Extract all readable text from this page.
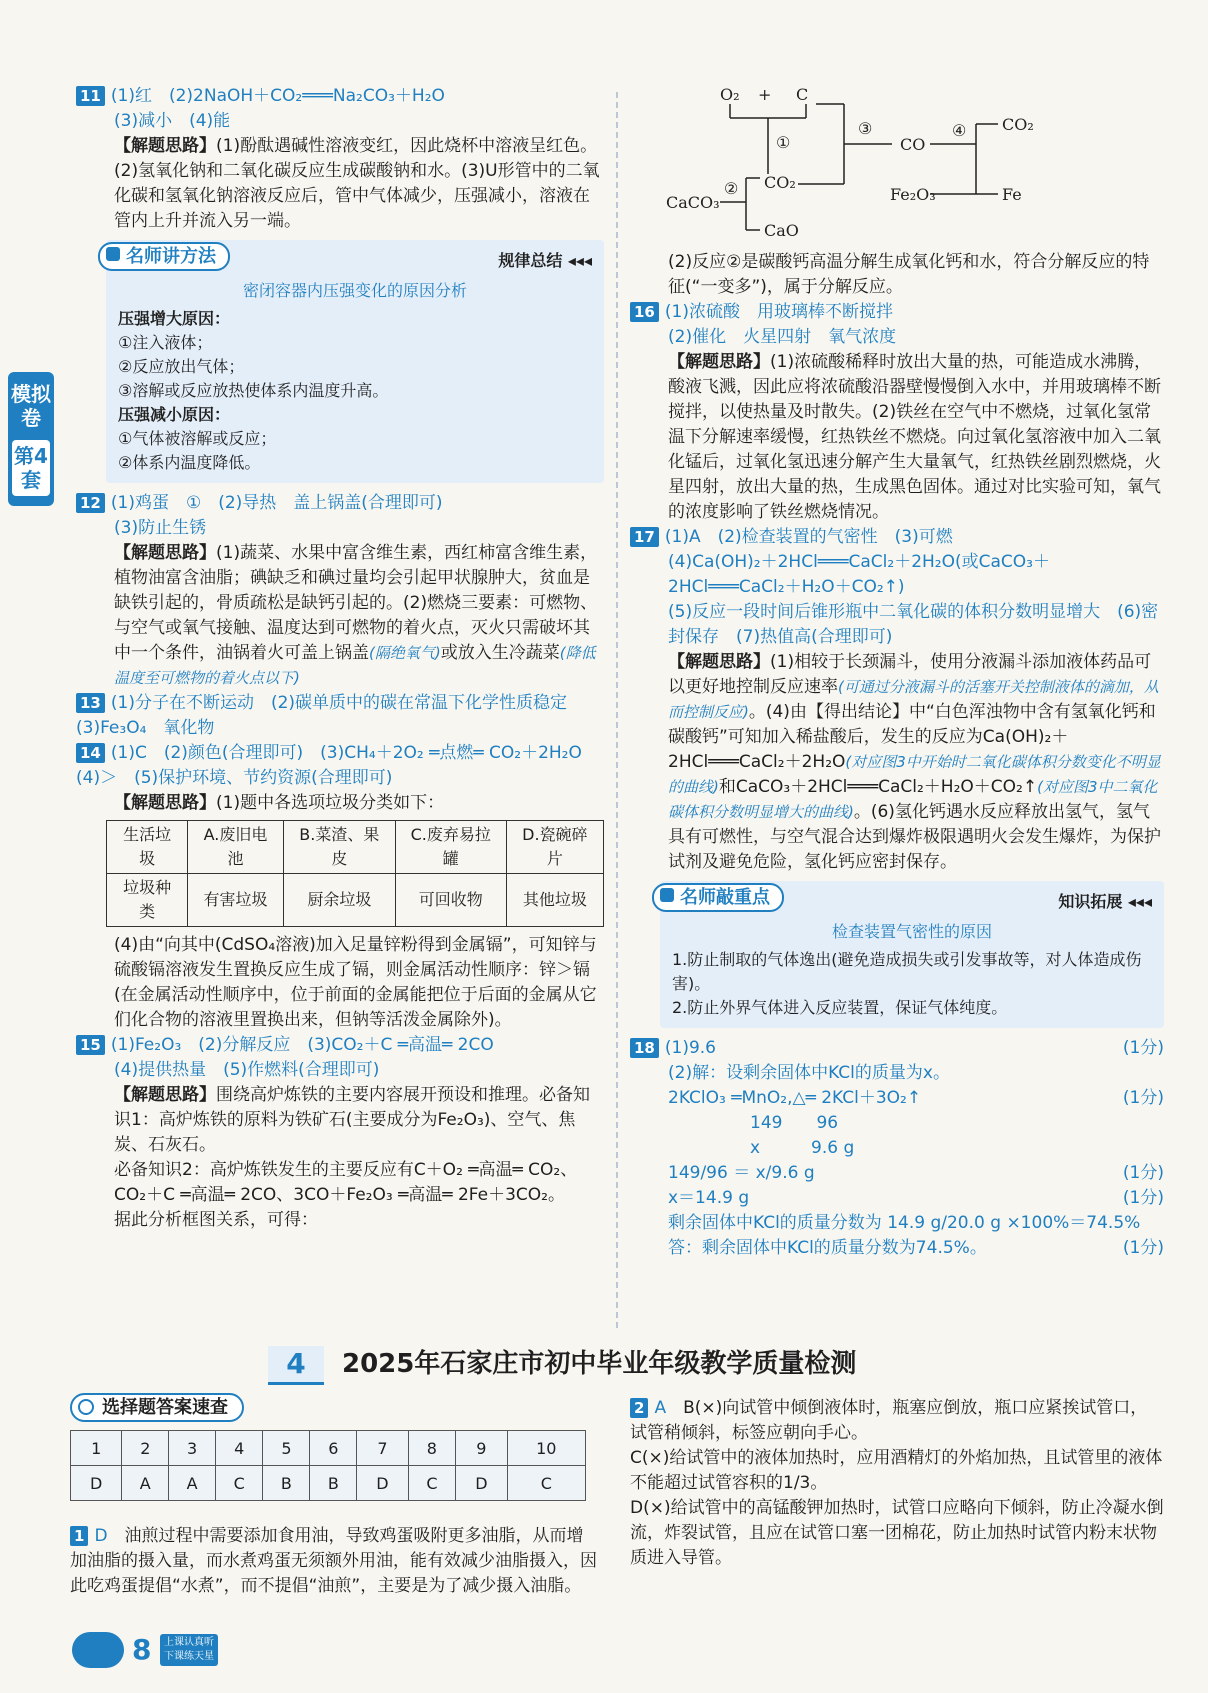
模拟卷
第4套

11 (1)红　(2)2NaOH＋CO₂═══Na₂CO₃＋H₂O

(3)减小　(4)能

【解题思路】(1)酚酞遇碱性溶液变红，因此烧杯中溶液呈红色。(2)氢氧化钠和二氧化碳反应生成碳酸钠和水。(3)U形管中的二氧化碳和氢氧化钠溶液反应后，管中气体减少，压强减小，溶液在管内上升并流入另一端。

名师讲方法	规律总结 ◂◂◂
密闭容器内压强变化的原因分析
压强增大原因：
①注入液体；
②反应放出气体；
③溶解或反应放热使体系内温度升高。
压强减小原因：
①气体被溶解或反应；
②体系内温度降低。

12 (1)鸡蛋　①　(2)导热　盖上锅盖(合理即可)

(3)防止生锈

【解题思路】(1)蔬菜、水果中富含维生素，西红柿富含维生素，植物油富含油脂；碘缺乏和碘过量均会引起甲状腺肿大，贫血是缺铁引起的，骨质疏松是缺钙引起的。(2)燃烧三要素：可燃物、与空气或氧气接触、温度达到可燃物的着火点，灭火只需破坏其中一个条件，油锅着火可盖上锅盖(隔绝氧气)或放入生冷蔬菜(降低温度至可燃物的着火点以下)

13 (1)分子在不断运动　(2)碳单质中的碳在常温下化学性质稳定　(3)Fe₃O₄　氧化物

14 (1)C　(2)颜色(合理即可)　(3)CH₄＋2O₂ ═点燃═ CO₂＋2H₂O　(4)＞　(5)保护环境、节约资源(合理即可)

【解题思路】(1)题中各选项垃圾分类如下：

生活垃圾	A.废旧电池	B.菜渣、果皮	C.废弃易拉罐	D.瓷碗碎片
垃圾种类	有害垃圾	厨余垃圾	可回收物	其他垃圾

(4)由“向其中(CdSO₄溶液)加入足量锌粉得到金属镉”，可知锌与硫酸镉溶液发生置换反应生成了镉，则金属活动性顺序：锌＞镉(在金属活动性顺序中，位于前面的金属能把位于后面的金属从它们化合物的溶液里置换出来，但钠等活泼金属除外)。

15 (1)Fe₂O₃　(2)分解反应　(3)CO₂＋C ═高温═ 2CO

(4)提供热量　(5)作燃料(合理即可)

【解题思路】围绕高炉炼铁的主要内容展开预设和推理。必备知识1：高炉炼铁的原料为铁矿石(主要成分为Fe₂O₃)、空气、焦炭、石灰石。

必备知识2：高炉炼铁发生的主要反应有C＋O₂ ═高温═ CO₂、CO₂＋C ═高温═ 2CO、3CO＋Fe₂O₃ ═高温═ 2Fe＋3CO₂。

据此分析框图关系，可得：

O₂ + C
CO₂
CO
CO₂
CaCO₃
CaO
Fe₂O₃	Fe
①
②
③	④

(2)反应②是碳酸钙高温分解生成氧化钙和水，符合分解反应的特征(“一变多”)，属于分解反应。

16 (1)浓硫酸　用玻璃棒不断搅拌

(2)催化　火星四射　氧气浓度

【解题思路】(1)浓硫酸稀释时放出大量的热，可能造成水沸腾，酸液飞溅，因此应将浓硫酸沿器壁慢慢倒入水中，并用玻璃棒不断搅拌，以使热量及时散失。(2)铁丝在空气中不燃烧，过氧化氢常温下分解速率缓慢，红热铁丝不燃烧。向过氧化氢溶液中加入二氧化锰后，过氧化氢迅速分解产生大量氧气，红热铁丝剧烈燃烧，火星四射，放出大量的热，生成黑色固体。通过对比实验可知，氧气的浓度影响了铁丝燃烧情况。

17 (1)A　(2)检查装置的气密性　(3)可燃

(4)Ca(OH)₂＋2HCl═══CaCl₂＋2H₂O(或CaCO₃＋2HCl═══CaCl₂＋H₂O＋CO₂↑)

(5)反应一段时间后锥形瓶中二氧化碳的体积分数明显增大　(6)密封保存　(7)热值高(合理即可)

【解题思路】(1)相较于长颈漏斗，使用分液漏斗添加液体药品可以更好地控制反应速率(可通过分液漏斗的活塞开关控制液体的滴加，从而控制反应)。(4)由【得出结论】中“白色浑浊物中含有氢氧化钙和碳酸钙”可知加入稀盐酸后，发生的反应为Ca(OH)₂＋2HCl═══CaCl₂＋2H₂O(对应图3中开始时二氧化碳体积分数变化不明显的曲线)和CaCO₃＋2HCl═══CaCl₂＋H₂O＋CO₂↑(对应图3中二氧化碳体积分数明显增大的曲线)。(6)氢化钙遇水反应释放出氢气，氢气具有可燃性，与空气混合达到爆炸极限遇明火会发生爆炸，为保护试剂及避免危险，氢化钙应密封保存。

名师敲重点	知识拓展 ◂◂◂
检查装置气密性的原因
1.防止制取的气体逸出(避免造成损失或引发事故等，对人体造成伤害)。
2.防止外界气体进入反应装置，保证气体纯度。

18 (1)9.6	(1分)

(2)解：设剩余固体中KCl的质量为x。

2KClO₃ ═MnO₂,△═ 2KCl＋3O₂↑	(1分)

149　　96

x　　　9.6 g

149/96 ＝ x/9.6 g	(1分)

x＝14.9 g	(1分)

剩余固体中KCl的质量分数为 14.9 g/20.0 g ×100%＝74.5%
(1分)

答：剩余固体中KCl的质量分数为74.5%。

4	2025年石家庄市初中毕业年级教学质量检测
选择题答案速查
1	2	3	4	5	6	7	8	9	10
D	A	A	C	B	B	D	C	D	C

1 D　 油煎过程中需要添加食用油，导致鸡蛋吸附更多油脂，从而增加油脂的摄入量，而水煮鸡蛋无须额外用油，能有效减少油脂摄入，因此吃鸡蛋提倡“水煮”，而不提倡“油煎”，主要是为了减少摄入油脂。

2 A　 B(×)向试管中倾倒液体时，瓶塞应倒放，瓶口应紧挨试管口，试管稍倾斜，标签应朝向手心。

C(×)给试管中的液体加热时，应用酒精灯的外焰加热，且试管里的液体不能超过试管容积的1/3。

D(×)给试管中的高锰酸钾加热时，试管口应略向下倾斜，防止冷凝水倒流，炸裂试管，且应在试管口塞一团棉花，防止加热时试管内粉末状物质进入导管。

8 上课认真听
下课练天星
